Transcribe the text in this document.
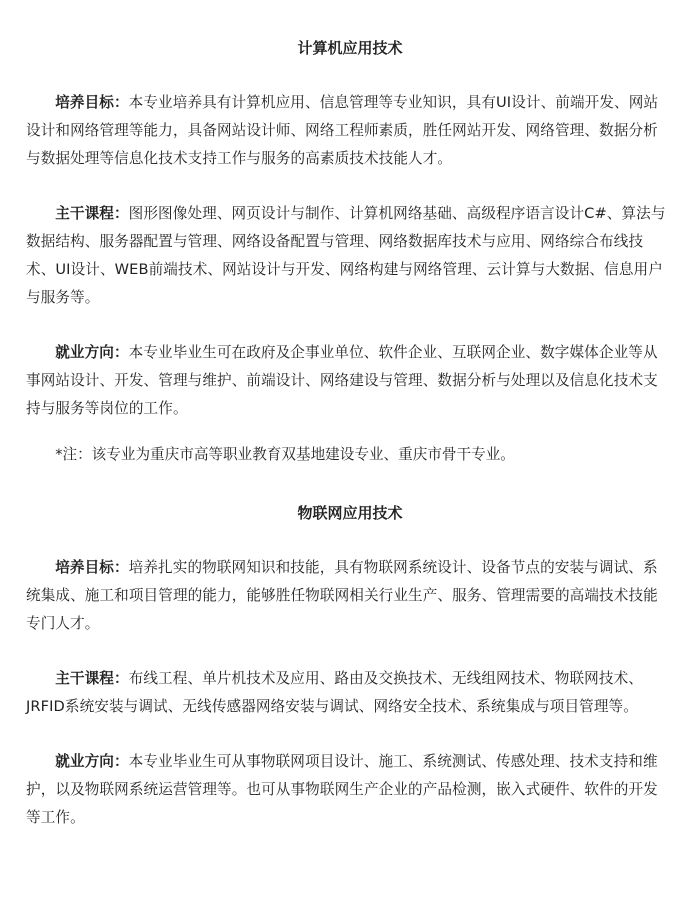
计算机应用技术

培养目标：本专业培养具有计算机应用、信息管理等专业知识，具有UI设计、前端开发、网站设计和网络管理等能力，具备网站设计师、网络工程师素质，胜任网站开发、网络管理、数据分析与数据处理等信息化技术支持工作与服务的高素质技术技能人才。

主干课程：图形图像处理、网页设计与制作、计算机网络基础、高级程序语言设计C#、算法与数据结构、服务器配置与管理、网络设备配置与管理、网络数据库技术与应用、网络综合布线技术、UI设计、WEB前端技术、网站设计与开发、网络构建与网络管理、云计算与大数据、信息用户与服务等。

就业方向：本专业毕业生可在政府及企事业单位、软件企业、互联网企业、数字媒体企业等从事网站设计、开发、管理与维护、前端设计、网络建设与管理、数据分析与处理以及信息化技术支持与服务等岗位的工作。

*注：该专业为重庆市高等职业教育双基地建设专业、重庆市骨干专业。

物联网应用技术

培养目标：培养扎实的物联网知识和技能，具有物联网系统设计、设备节点的安装与调试、系统集成、施工和项目管理的能力，能够胜任物联网相关行业生产、服务、管理需要的高端技术技能专门人才。

主干课程：布线工程、单片机技术及应用、路由及交换技术、无线组网技术、物联网技术、JRFID系统安装与调试、无线传感器网络安装与调试、网络安全技术、系统集成与项目管理等。

就业方向：本专业毕业生可从事物联网项目设计、施工、系统测试、传感处理、技术支持和维护，以及物联网系统运营管理等。也可从事物联网生产企业的产品检测，嵌入式硬件、软件的开发等工作。
